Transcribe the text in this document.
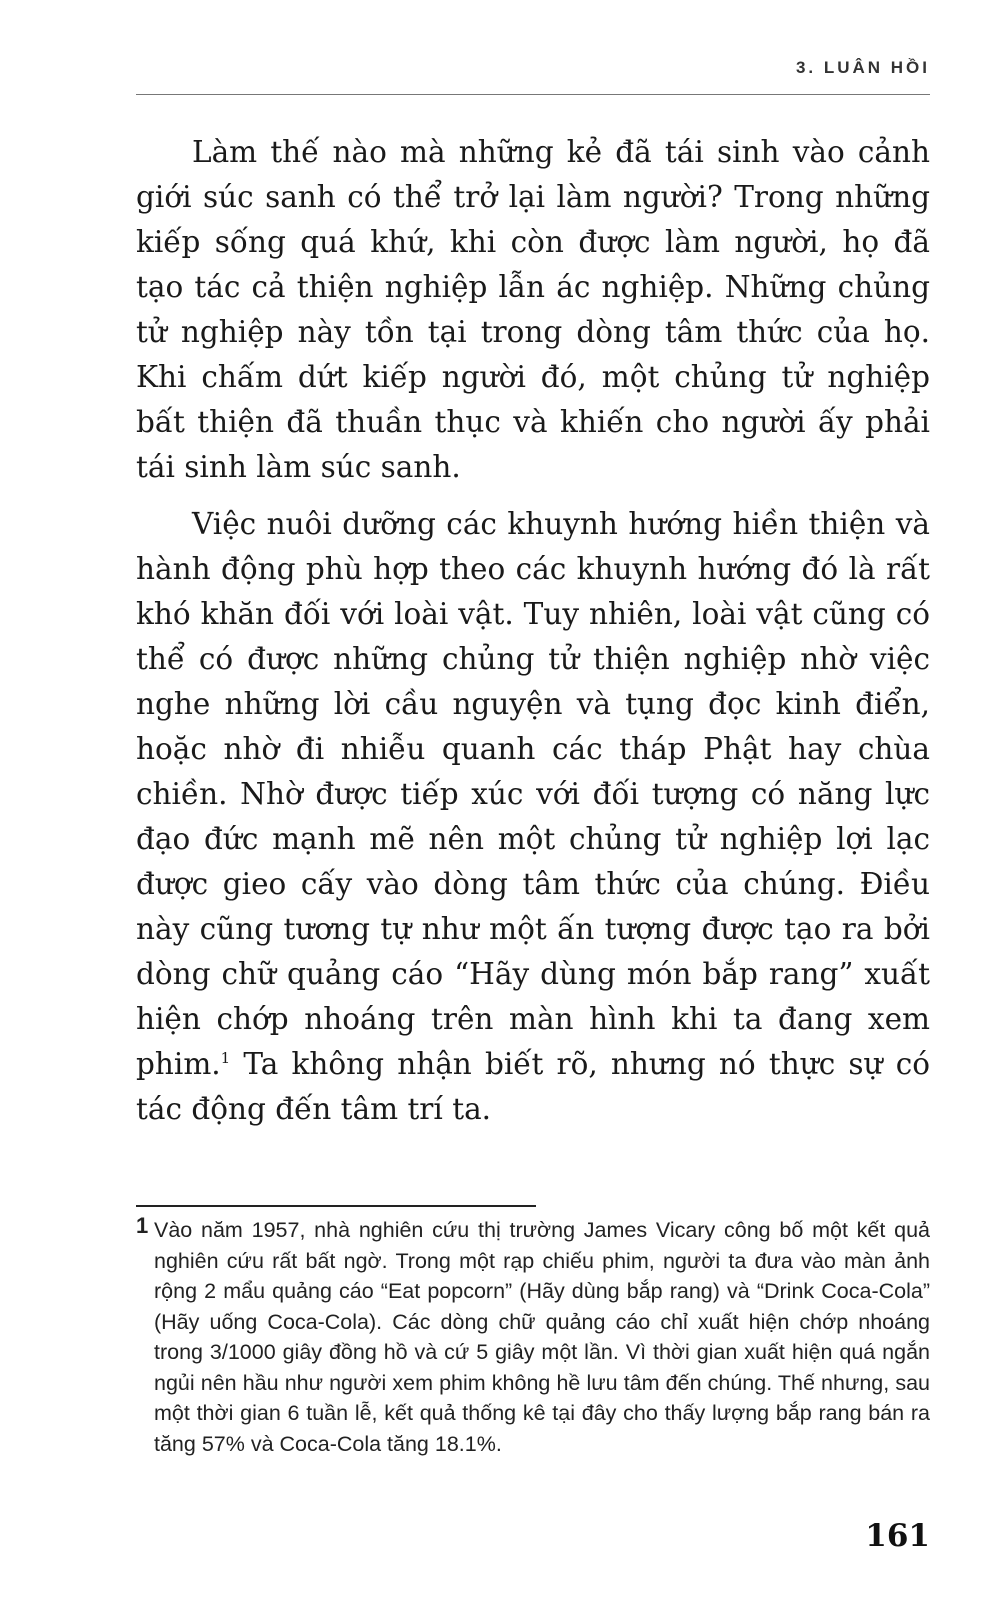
3. LUÂN HỒI

Làm thế nào mà những kẻ đã tái sinh vào cảnh giới súc sanh có thể trở lại làm người? Trong những kiếp sống quá khứ, khi còn được làm người, họ đã tạo tác cả thiện nghiệp lẫn ác nghiệp. Những chủng tử nghiệp này tồn tại trong dòng tâm thức của họ. Khi chấm dứt kiếp người đó, một chủng tử nghiệp bất thiện đã thuần thục và khiến cho người ấy phải tái sinh làm súc sanh.

Việc nuôi dưỡng các khuynh hướng hiền thiện và hành động phù hợp theo các khuynh hướng đó là rất khó khăn đối với loài vật. Tuy nhiên, loài vật cũng có thể có được những chủng tử thiện nghiệp nhờ việc nghe những lời cầu nguyện và tụng đọc kinh điển, hoặc nhờ đi nhiễu quanh các tháp Phật hay chùa chiền. Nhờ được tiếp xúc với đối tượng có năng lực đạo đức mạnh mẽ nên một chủng tử nghiệp lợi lạc được gieo cấy vào dòng tâm thức của chúng. Điều này cũng tương tự như một ấn tượng được tạo ra bởi dòng chữ quảng cáo “Hãy dùng món bắp rang” xuất hiện chớp nhoáng trên màn hình khi ta đang xem phim.$^1$ Ta không nhận biết rõ, nhưng nó thực sự có tác động đến tâm trí ta.

1 Vào năm 1957, nhà nghiên cứu thị trường James Vicary công bố một kết quả nghiên cứu rất bất ngờ. Trong một rạp chiếu phim, người ta đưa vào màn ảnh rộng 2 mẩu quảng cáo “Eat popcorn” (Hãy dùng bắp rang) và “Drink Coca-Cola” (Hãy uống Coca-Cola). Các dòng chữ quảng cáo chỉ xuất hiện chớp nhoáng trong 3/1000 giây đồng hồ và cứ 5 giây một lần. Vì thời gian xuất hiện quá ngắn ngủi nên hầu như người xem phim không hề lưu tâm đến chúng. Thế nhưng, sau một thời gian 6 tuần lễ, kết quả thống kê tại đây cho thấy lượng bắp rang bán ra tăng 57% và Coca-Cola tăng 18.1%.

161
